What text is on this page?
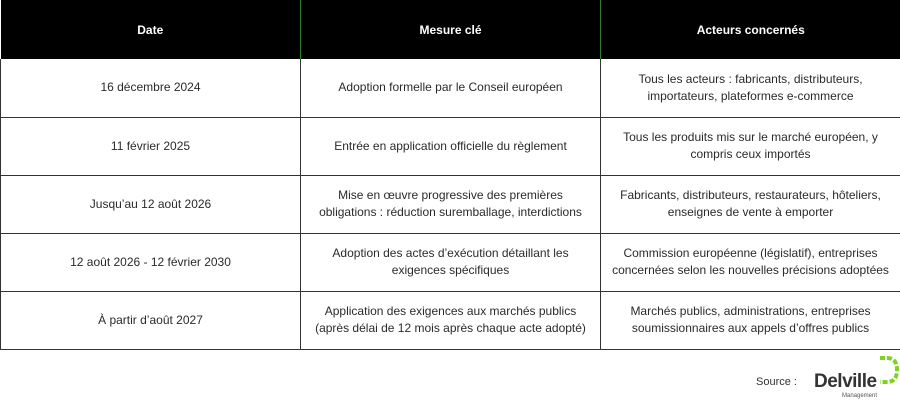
Date	Mesure clé	Acteurs concernés
16 décembre 2024	Adoption formelle par le Conseil européen	Tous les acteurs : fabricants, distributeurs, importateurs, plateformes e-commerce
11 février 2025	Entrée en application officielle du règlement	Tous les produits mis sur le marché européen, y compris ceux importés
Jusqu’au 12 août 2026	Mise en œuvre progressive des premières obligations : réduction suremballage, interdictions	Fabricants, distributeurs, restaurateurs, hôteliers, enseignes de vente à emporter
12 août 2026 - 12 février 2030	Adoption des actes d’exécution détaillant les exigences spécifiques	Commission européenne (législatif), entreprises concernées selon les nouvelles précisions adoptées
À partir d’août 2027	Application des exigences aux marchés publics (après délai de 12 mois après chaque acte adopté)	Marchés publics, administrations, entreprises soumissionnaires aux appels d’offres publics
Source : Delville
Management
